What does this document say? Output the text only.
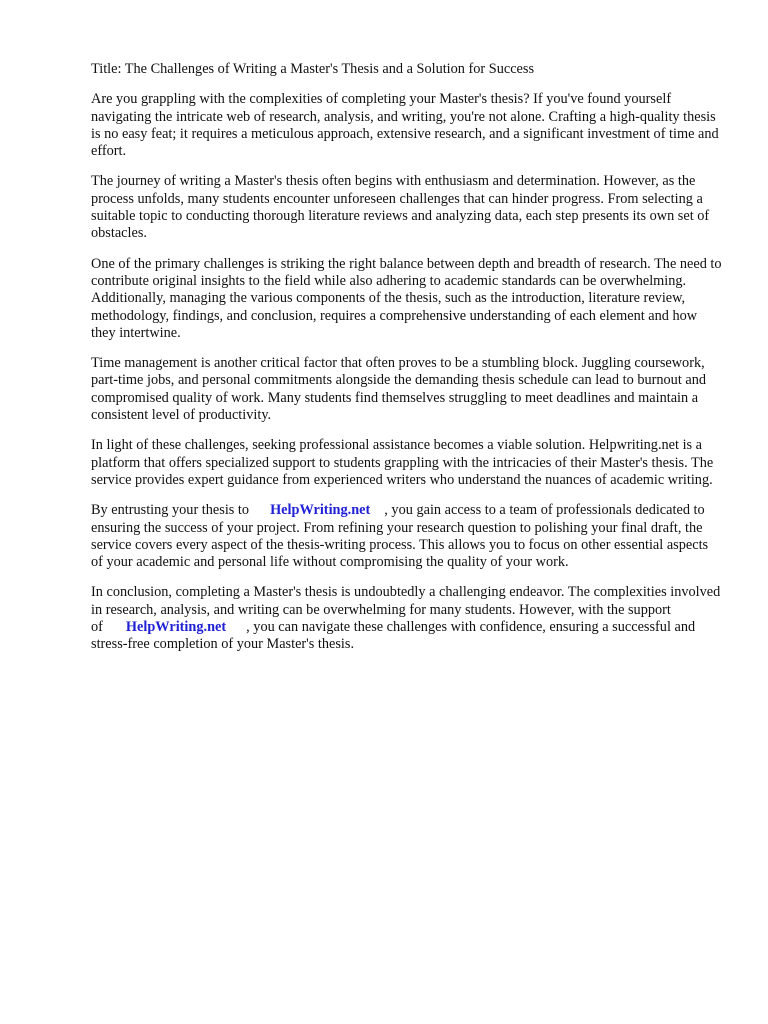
Title: The Challenges of Writing a Master's Thesis and a Solution for Success

Are you grappling with the complexities of completing your Master's thesis? If you've found yourself navigating the intricate web of research, analysis, and writing, you're not alone. Crafting a high-quality thesis is no easy feat; it requires a meticulous approach, extensive research, and a significant investment of time and effort.

The journey of writing a Master's thesis often begins with enthusiasm and determination. However, as the process unfolds, many students encounter unforeseen challenges that can hinder progress. From selecting a suitable topic to conducting thorough literature reviews and analyzing data, each step presents its own set of obstacles.

One of the primary challenges is striking the right balance between depth and breadth of research. The need to contribute original insights to the field while also adhering to academic standards can be overwhelming. Additionally, managing the various components of the thesis, such as the introduction, literature review, methodology, findings, and conclusion, requires a comprehensive understanding of each element and how they intertwine.

Time management is another critical factor that often proves to be a stumbling block. Juggling coursework, part-time jobs, and personal commitments alongside the demanding thesis schedule can lead to burnout and compromised quality of work. Many students find themselves struggling to meet deadlines and maintain a consistent level of productivity.

In light of these challenges, seeking professional assistance becomes a viable solution. Helpwriting.net is a platform that offers specialized support to students grappling with the intricacies of their Master's thesis. The service provides expert guidance from experienced writers who understand the nuances of academic writing.

By entrusting your thesis to HelpWriting.net , you gain access to a team of professionals dedicated to ensuring the success of your project. From refining your research question to polishing your final draft, the service covers every aspect of the thesis-writing process. This allows you to focus on other essential aspects of your academic and personal life without compromising the quality of your work.

In conclusion, completing a Master's thesis is undoubtedly a challenging endeavor. The complexities involved in research, analysis, and writing can be overwhelming for many students. However, with the support of HelpWriting.net , you can navigate these challenges with confidence, ensuring a successful and stress-free completion of your Master's thesis.
